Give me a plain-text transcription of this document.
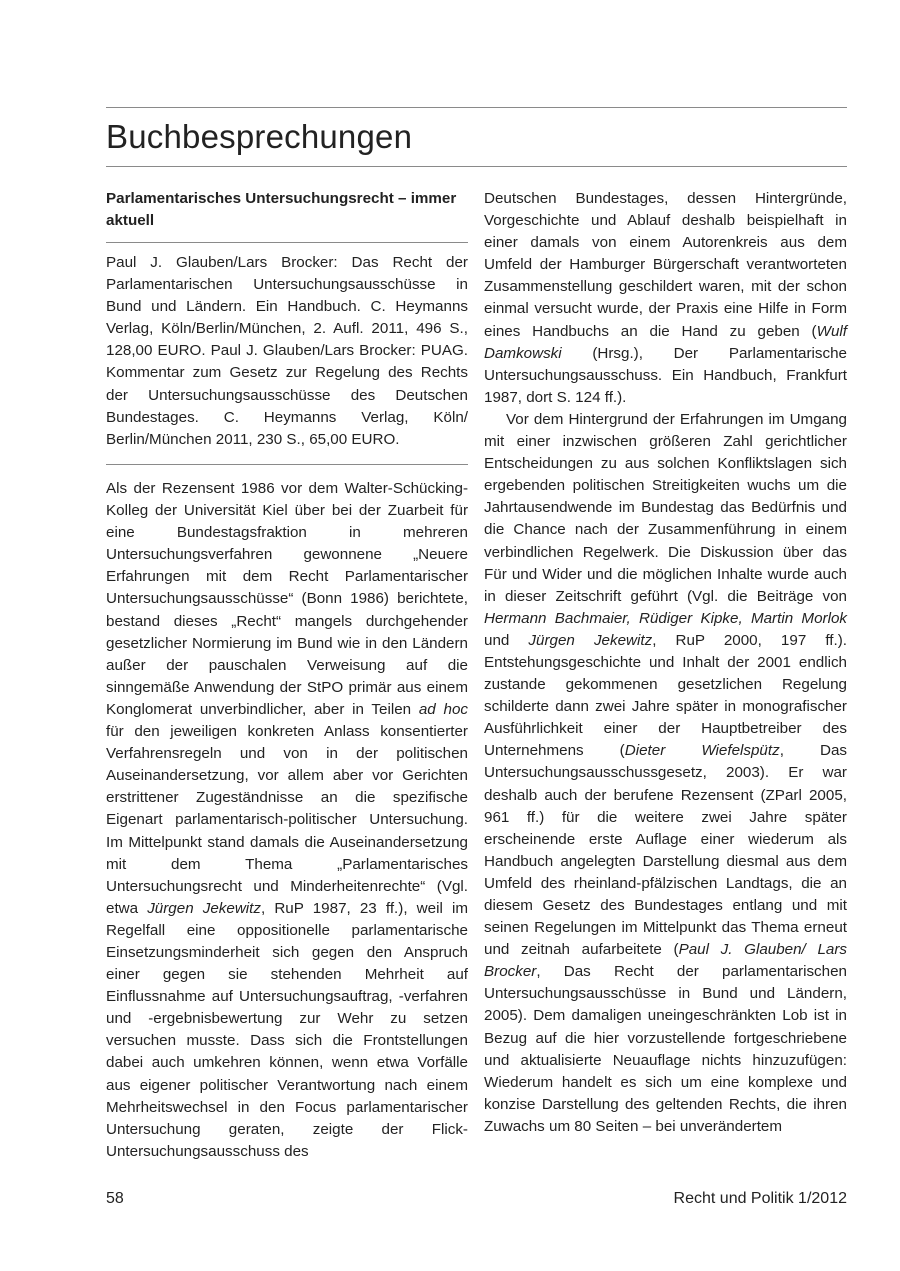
Buchbesprechungen

Parlamentarisches Untersuchungsrecht – immer aktuell

Paul J. Glauben/Lars Brocker: Das Recht der Parlamentarischen Untersuchungsausschüsse in Bund und Ländern. Ein Handbuch. C. Heymanns Verlag, Köln/Berlin/München, 2. Aufl. 2011, 496 S., 128,00 EURO. Paul J. Glauben/Lars Brocker: PUAG. Kommentar zum Gesetz zur Regelung des Rechts der Untersuchungsausschüsse des Deutschen Bundestages. C. Heymanns Verlag, Köln/ Berlin/München 2011, 230 S., 65,00 EURO.

Als der Rezensent 1986 vor dem Walter-Schücking-Kolleg der Universität Kiel über bei der Zuarbeit für eine Bundestagsfraktion in mehreren Untersuchungsverfahren gewonnene „Neuere Erfahrungen mit dem Recht Parlamentarischer Untersuchungsausschüsse“ (Bonn 1986) berichtete, bestand dieses „Recht“ mangels durchgehender gesetzlicher Normierung im Bund wie in den Ländern außer der pauschalen Verweisung auf die sinngemäße Anwendung der StPO primär aus einem Konglomerat unverbindlicher, aber in Teilen ad hoc für den jeweiligen konkreten Anlass konsentierter Verfahrensregeln und von in der politischen Auseinandersetzung, vor allem aber vor Gerichten erstrittener Zugeständnisse an die spezifische Eigenart parlamentarisch-politischer Untersuchung. Im Mittelpunkt stand damals die Auseinandersetzung mit dem Thema „Parlamentarisches Untersuchungsrecht und Minderheitenrechte“ (Vgl. etwa Jürgen Jekewitz, RuP 1987, 23 ff.), weil im Regelfall eine oppositionelle parlamentarische Einsetzungsminderheit sich gegen den Anspruch einer gegen sie stehenden Mehrheit auf Einflussnahme auf Untersuchungsauftrag, -verfahren und -ergebnisbewertung zur Wehr zu setzen versuchen musste. Dass sich die Frontstellungen dabei auch umkehren können, wenn etwa Vorfälle aus eigener politischer Verantwortung nach einem Mehrheitswechsel in den Focus parlamentarischer Untersuchung geraten, zeigte der Flick-Untersuchungsausschuss des

Deutschen Bundestages, dessen Hintergründe, Vorgeschichte und Ablauf deshalb beispielhaft in einer damals von einem Autorenkreis aus dem Umfeld der Hamburger Bürgerschaft verantworteten Zusammenstellung geschildert waren, mit der schon einmal versucht wurde, der Praxis eine Hilfe in Form eines Handbuchs an die Hand zu geben (Wulf Damkowski (Hrsg.), Der Parlamentarische Untersuchungsausschuss. Ein Handbuch, Frankfurt 1987, dort S. 124 ff.).

Vor dem Hintergrund der Erfahrungen im Umgang mit einer inzwischen größeren Zahl gerichtlicher Entscheidungen zu aus solchen Konfliktslagen sich ergebenden politischen Streitigkeiten wuchs um die Jahrtausendwende im Bundestag das Bedürfnis und die Chance nach der Zusammenführung in einem verbindlichen Regelwerk. Die Diskussion über das Für und Wider und die möglichen Inhalte wurde auch in dieser Zeitschrift geführt (Vgl. die Beiträge von Hermann Bachmaier, Rüdiger Kipke, Martin Morlok und Jürgen Jekewitz, RuP 2000, 197 ff.). Entstehungsgeschichte und Inhalt der 2001 endlich zustande gekommenen gesetzlichen Regelung schilderte dann zwei Jahre später in monografischer Ausführlichkeit einer der Hauptbetreiber des Unternehmens (Dieter Wiefelspütz, Das Untersuchungsausschussgesetz, 2003). Er war deshalb auch der berufene Rezensent (ZParl 2005, 961 ff.) für die weitere zwei Jahre später erscheinende erste Auflage einer wiederum als Handbuch angelegten Darstellung diesmal aus dem Umfeld des rheinland-pfälzischen Landtags, die an diesem Gesetz des Bundestages entlang und mit seinen Regelungen im Mittelpunkt das Thema erneut und zeitnah aufarbeitete (Paul J. Glauben/ Lars Brocker, Das Recht der parlamentarischen Untersuchungsausschüsse in Bund und Ländern, 2005). Dem damaligen uneingeschränkten Lob ist in Bezug auf die hier vorzustellende fortgeschriebene und aktualisierte Neuauflage nichts hinzuzufügen: Wiederum handelt es sich um eine komplexe und konzise Darstellung des geltenden Rechts, die ihren Zuwachs um 80 Seiten – bei unverändertem

58	Recht und Politik 1/2012
